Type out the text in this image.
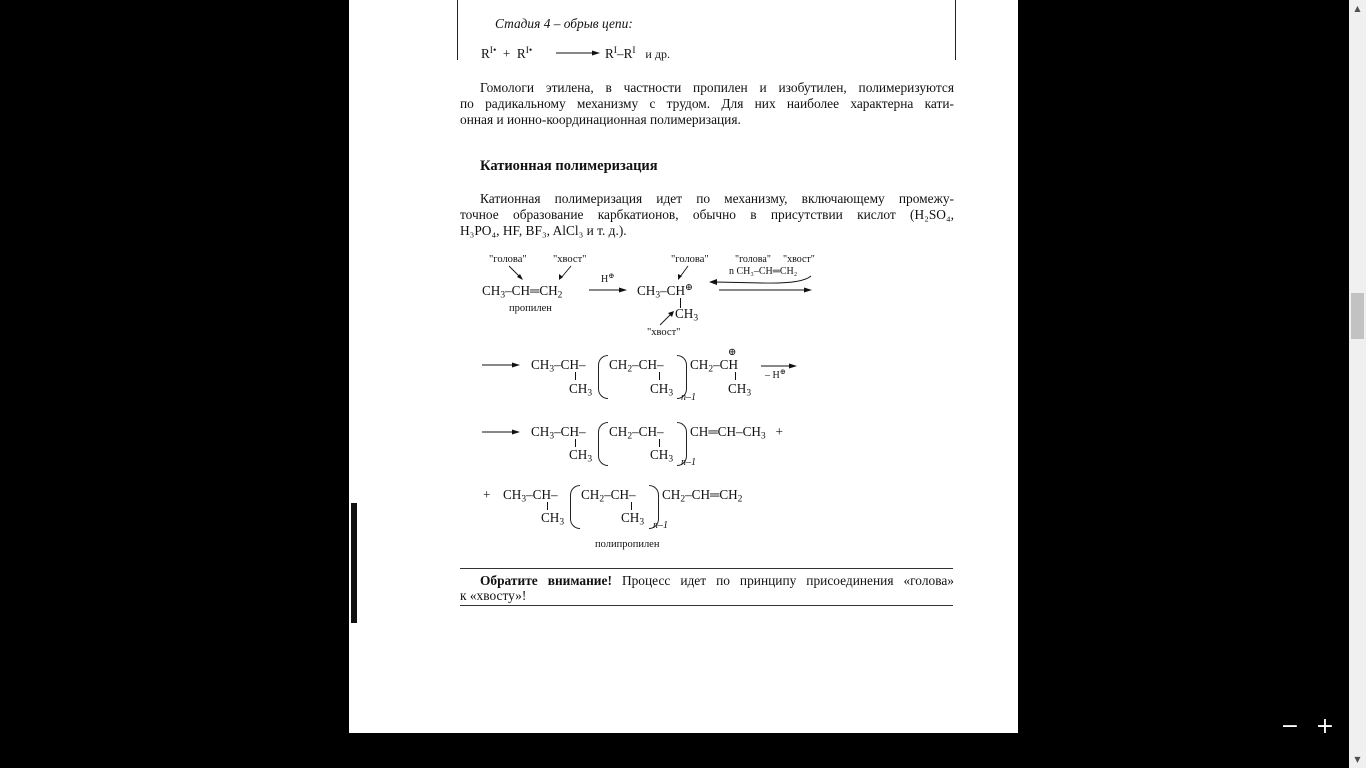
Стадия 4 – обрыв цепи:
$R^{I•} + R^{I•}$	$R^I-R^I$ и др.
Гомологи этилена, в частности пропилен и изобутилен, полимеризуются
по радикальному механизму с трудом. Для них наиболее характерна кати-
онная и ионно-координационная полимеризация.
Катионная полимеризация
Катионная полимеризация идет по механизму, включающему промежу-
точное образование карбкатионов, обычно в присутствии кислот (H₂SO₄,
H₃PO₄, HF, BF₃, AlCl₃ и т. д.).
"голова"	"хвост"
$CH_3-CH═CH_2$
пропилен
H⊕
"голова"
$CH_3-CH^\oplus$
$CH_3$
"хвост"
"голова" "хвост"
n CH₃–CH═CH₂
$CH_3-CH-$
$CH_3$
$CH_2-CH-$
$CH_3$ n–1
$CH_2-CH$
⊕
$CH_3$
– H⊕
$CH_3-CH-$
$CH_3$
$CH_2-CH-$
$CH_3$ n–1
$CH═CH-CH_3$ +
+ $CH_3-CH-$
$CH_3$
$CH_2-CH-$
$CH_3$ n–1
$CH_2-CH═CH_2$
полипропилен
Обратите внимание! Процесс идет по принципу присоединения «голова»
к «хвосту»!
− +
▲
▼
